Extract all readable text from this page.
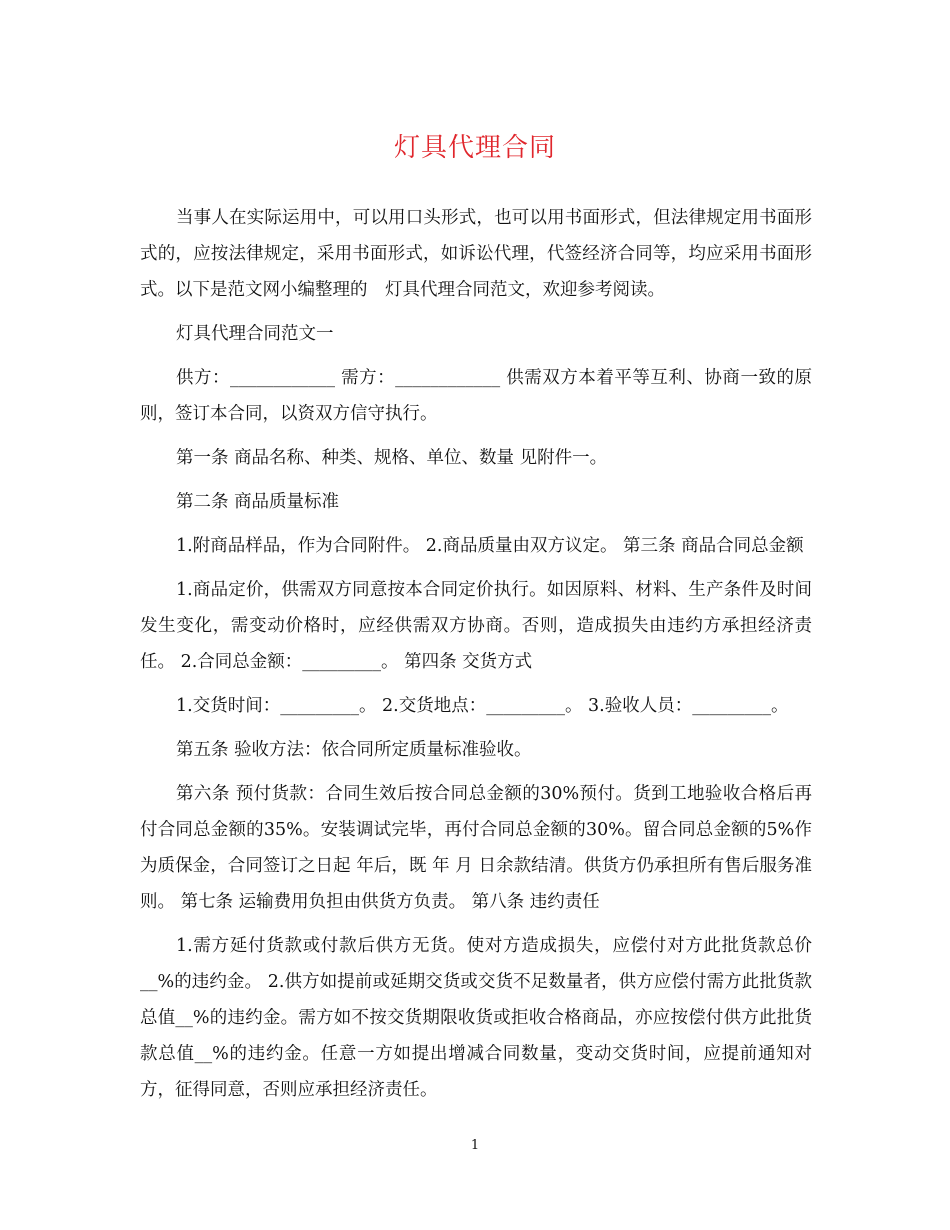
灯具代理合同

当事人在实际运用中，可以用口头形式，也可以用书面形式，但法律规定用书面形式的，应按法律规定，采用书面形式，如诉讼代理，代签经济合同等，均应采用书面形式。以下是范文网小编整理的　灯具代理合同范文，欢迎参考阅读。

灯具代理合同范文一

供方：____________ 需方：____________ 供需双方本着平等互利、协商一致的原则，签订本合同，以资双方信守执行。

第一条 商品名称、种类、规格、单位、数量 见附件一。

第二条 商品质量标准

1.附商品样品，作为合同附件。 2.商品质量由双方议定。 第三条 商品合同总金额

1.商品定价，供需双方同意按本合同定价执行。如因原料、材料、生产条件及时间发生变化，需变动价格时，应经供需双方协商。否则，造成损失由违约方承担经济责任。 2.合同总金额：_________。 第四条 交货方式

1.交货时间：_________。 2.交货地点：_________。 3.验收人员：_________。

第五条 验收方法：依合同所定质量标准验收。

第六条 预付货款：合同生效后按合同总金额的30%预付。货到工地验收合格后再付合同总金额的35%。安装调试完毕，再付合同总金额的30%。留合同总金额的5%作为质保金，合同签订之日起 年后，既 年 月 日余款结清。供货方仍承担所有售后服务准则。 第七条 运输费用负担由供货方负责。 第八条 违约责任

1.需方延付货款或付款后供方无货。使对方造成损失，应偿付对方此批货款总价__%的违约金。 2.供方如提前或延期交货或交货不足数量者，供方应偿付需方此批货款总值__%的违约金。需方如不按交货期限收货或拒收合格商品，亦应按偿付供方此批货款总值__%的违约金。任意一方如提出增减合同数量，变动交货时间，应提前通知对方，征得同意，否则应承担经济责任。

1
